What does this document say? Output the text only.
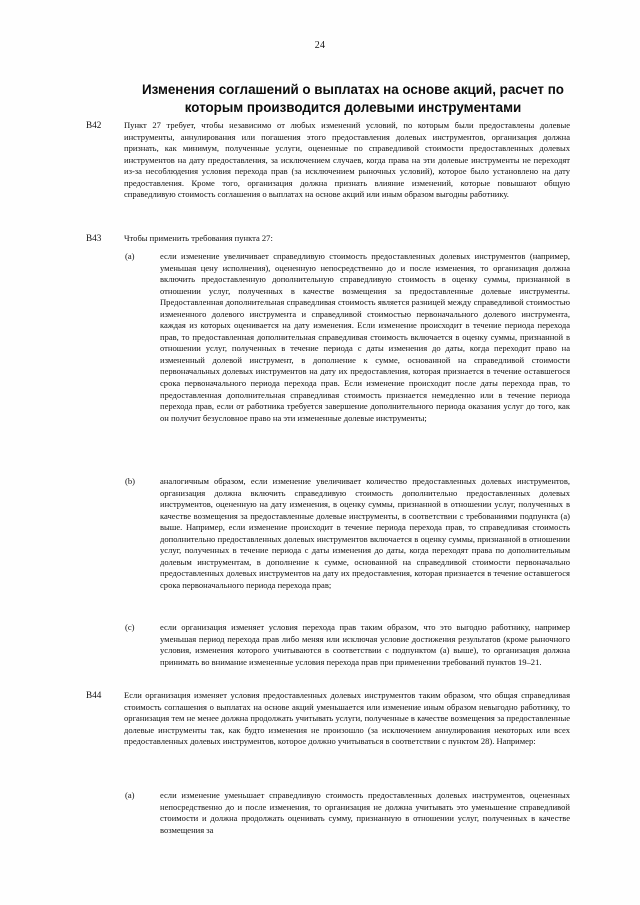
24
Изменения соглашений о выплатах на основе акций, расчет по
которым производится долевыми инструментами
B42	Пункт 27 требует, чтобы независимо от любых изменений условий, по которым были предоставлены долевые инструменты, аннулирования или погашения этого предоставления долевых инструментов, организация должна признать, как минимум, полученные услуги, оцененные по справедливой стоимости предоставленных долевых инструментов на дату предоставления, за исключением случаев, когда права на эти долевые инструменты не переходят из-за несоблюдения условия перехода прав (за исключением рыночных условий), которое было установлено на дату предоставления. Кроме того, организация должна признать влияние изменений, которые повышают общую справедливую стоимость соглашения о выплатах на основе акций или иным образом выгодны работнику.
B43	Чтобы применить требования пункта 27:
(a)	если изменение увеличивает справедливую стоимость предоставленных долевых инструментов (например, уменьшая цену исполнения), оцененную непосредственно до и после изменения, то организация должна включить предоставленную дополнительную справедливую стоимость в оценку суммы, признанной в отношении услуг, полученных в качестве возмещения за предоставленные долевые инструменты. Предоставленная дополнительная справедливая стоимость является разницей между справедливой стоимостью измененного долевого инструмента и справедливой стоимостью первоначального долевого инструмента, каждая из которых оценивается на дату изменения. Если изменение происходит в течение периода перехода прав, то предоставленная дополнительная справедливая стоимость включается в оценку суммы, признанной в отношении услуг, полученных в течение периода с даты изменения до даты, когда переходит право на измененный долевой инструмент, в дополнение к сумме, основанной на справедливой стоимости первоначальных долевых инструментов на дату их предоставления, которая признается в течение оставшегося срока первоначального периода перехода прав. Если изменение происходит после даты перехода прав, то предоставленная дополнительная справедливая стоимость признается немедленно или в течение периода перехода прав, если от работника требуется завершение дополнительного периода оказания услуг до того, как он получит безусловное право на эти измененные долевые инструменты;
(b)	аналогичным образом, если изменение увеличивает количество предоставленных долевых инструментов, организация должна включить справедливую стоимость дополнительно предоставленных долевых инструментов, оцененную на дату изменения, в оценку суммы, признанной в отношении услуг, полученных в качестве возмещения за предоставленные долевые инструменты, в соответствии с требованиями подпункта (a) выше. Например, если изменение происходит в течение периода перехода прав, то справедливая стоимость дополнительно предоставленных долевых инструментов включается в оценку суммы, признанной в отношении услуг, полученных в течение периода с даты изменения до даты, когда переходят права по дополнительным долевым инструментам, в дополнение к сумме, основанной на справедливой стоимости первоначально предоставленных долевых инструментов на дату их предоставления, которая признается в течение оставшегося срока первоначального периода перехода прав;
(c)	если организация изменяет условия перехода прав таким образом, что это выгодно работнику, например уменьшая период перехода прав либо меняя или исключая условие достижения результатов (кроме рыночного условия, изменения которого учитываются в соответствии с подпунктом (a) выше), то организация должна принимать во внимание измененные условия перехода прав при применении требований пунктов 19–21.
B44	Если организация изменяет условия предоставленных долевых инструментов таким образом, что общая справедливая стоимость соглашения о выплатах на основе акций уменьшается или изменение иным образом невыгодно работнику, то организация тем не менее должна продолжать учитывать услуги, полученные в качестве возмещения за предоставленные долевые инструменты так, как будто изменения не произошло (за исключением аннулирования некоторых или всех предоставленных долевых инструментов, которое должно учитываться в соответствии с пунктом 28). Например:
(a)	если изменение уменьшает справедливую стоимость предоставленных долевых инструментов, оцененных непосредственно до и после изменения, то организация не должна учитывать это уменьшение справедливой стоимости и должна продолжать оценивать сумму, признанную в отношении услуг, полученных в качестве возмещения за
